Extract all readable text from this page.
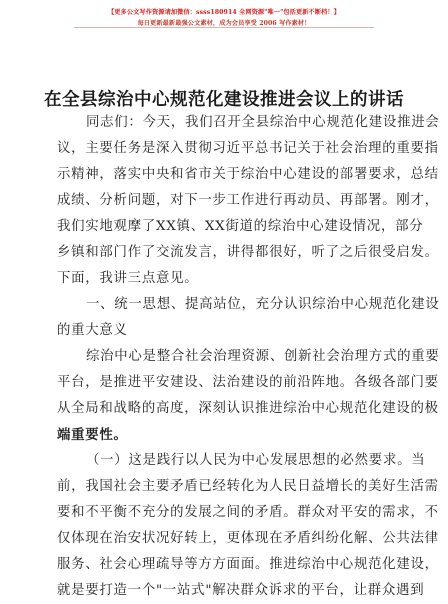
【更多公文写作资源请加微信：ssss180914 全网资源"唯一"包括更新不断档！】
每日更新最新最强公文素材，成为会员享受 2006 写作素材！
在全县综治中心规范化建设推进会议上的讲话
同志们：今天，我们召开全县综治中心规范化建设推进会
议，主要任务是深入贯彻习近平总书记关于社会治理的重要指
示精神，落实中央和省市关于综治中心建设的部署要求，总结
成绩、分析问题，对下一步工作进行再动员、再部署。刚才，
我们实地观摩了XX镇、XX街道的综治中心建设情况，部分
乡镇和部门作了交流发言，讲得都很好，听了之后很受启发。
下面，我讲三点意见。
一、统一思想、提高站位，充分认识综治中心规范化建设
的重大意义
综治中心是整合社会治理资源、创新社会治理方式的重要
平台，是推进平安建设、法治建设的前沿阵地。各级各部门要
从全局和战略的高度，深刻认识推进综治中心规范化建设的极
端重要性。
（一）这是践行以人民为中心发展思想的必然要求。当
前，我国社会主要矛盾已经转化为人民日益增长的美好生活需
要和不平衡不充分的发展之间的矛盾。群众对平安的需求，不
仅体现在治安状况好转上，更体现在矛盾纠纷化解、公共法律
服务、社会心理疏导等方方面面。推进综治中心规范化建设，
就是要打造一个"一站式"解决群众诉求的平台，让群众遇到
